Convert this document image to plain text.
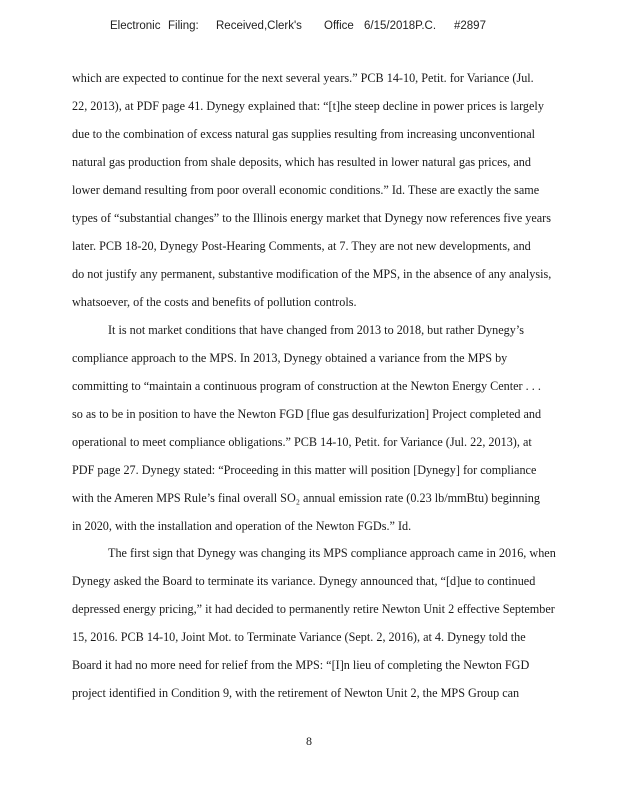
Electronic Filing: Received,Clerk's Office 6/15/2018P.C. #2897
which are expected to continue for the next several years.” PCB 14-10, Petit. for Variance (Jul.
22, 2013), at PDF page 41. Dynegy explained that: “[t]he steep decline in power prices is largely
due to the combination of excess natural gas supplies resulting from increasing unconventional
natural gas production from shale deposits, which has resulted in lower natural gas prices, and
lower demand resulting from poor overall economic conditions.” Id. These are exactly the same
types of “substantial changes” to the Illinois energy market that Dynegy now references five years
later. PCB 18-20, Dynegy Post-Hearing Comments, at 7. They are not new developments, and
do not justify any permanent, substantive modification of the MPS, in the absence of any analysis,
whatsoever, of the costs and benefits of pollution controls.
It is not market conditions that have changed from 2013 to 2018, but rather Dynegy’s
compliance approach to the MPS. In 2013, Dynegy obtained a variance from the MPS by
committing to “maintain a continuous program of construction at the Newton Energy Center . . .
so as to be in position to have the Newton FGD [flue gas desulfurization] Project completed and
operational to meet compliance obligations.” PCB 14-10, Petit. for Variance (Jul. 22, 2013), at
PDF page 27. Dynegy stated: “Proceeding in this matter will position [Dynegy] for compliance
with the Ameren MPS Rule’s final overall SO₂ annual emission rate (0.23 lb/mmBtu) beginning
in 2020, with the installation and operation of the Newton FGDs.” Id.
The first sign that Dynegy was changing its MPS compliance approach came in 2016, when
Dynegy asked the Board to terminate its variance. Dynegy announced that, “[d]ue to continued
depressed energy pricing,” it had decided to permanently retire Newton Unit 2 effective September
15, 2016. PCB 14-10, Joint Mot. to Terminate Variance (Sept. 2, 2016), at 4. Dynegy told the
Board it had no more need for relief from the MPS: “[I]n lieu of completing the Newton FGD
project identified in Condition 9, with the retirement of Newton Unit 2, the MPS Group can
8
